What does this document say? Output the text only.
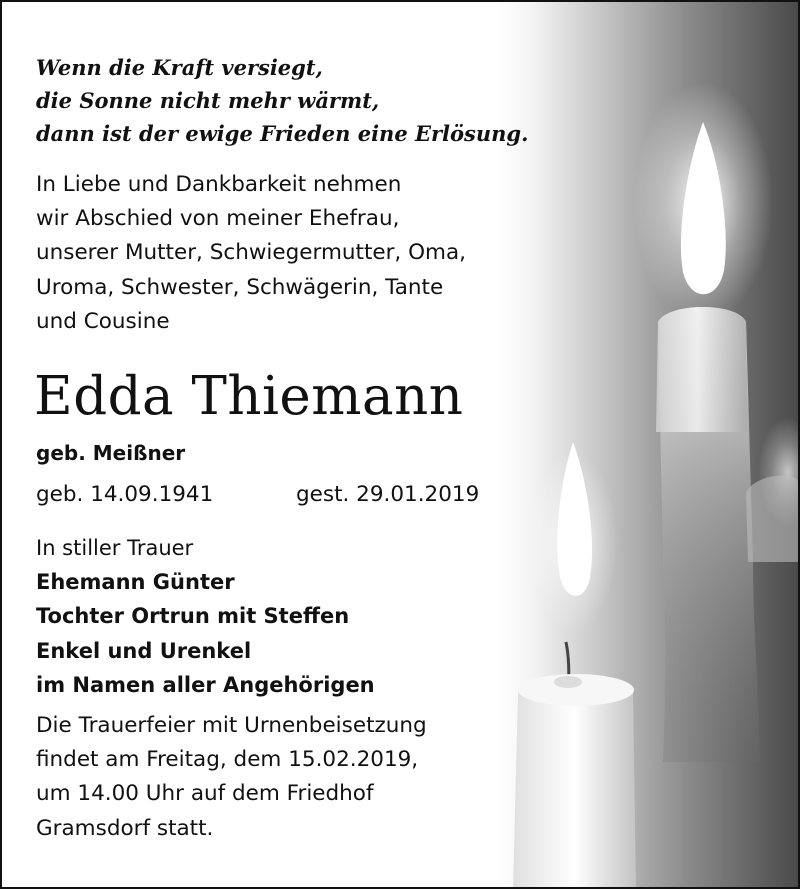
Wenn die Kraft versiegt,
die Sonne nicht mehr wärmt,
dann ist der ewige Frieden eine Erlösung.

In Liebe und Dankbarkeit nehmen
wir Abschied von meiner Ehefrau,
unserer Mutter, Schwiegermutter, Oma,
Uroma, Schwester, Schwägerin, Tante
und Cousine

Edda Thiemann
geb. Meißner
geb. 14.09.1941	gest. 29.01.2019
In stiller Trauer
Ehemann Günter
Tochter Ortrun mit Steffen
Enkel und Urenkel
im Namen aller Angehörigen
Die Trauerfeier mit Urnenbeisetzung
findet am Freitag, dem 15.02.2019,
um 14.00 Uhr auf dem Friedhof
Gramsdorf statt.
